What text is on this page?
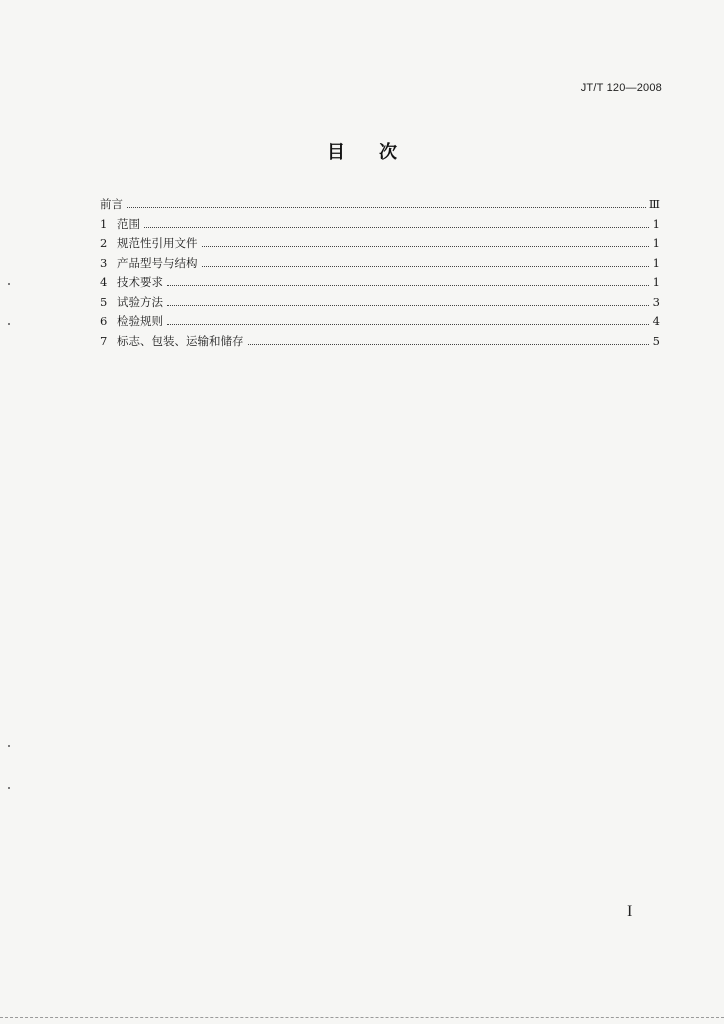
JT/T 120—2008
目次
前言	Ⅲ
1 范围	1
2 规范性引用文件	1
3 产品型号与结构	1
4 技术要求	1
5 试验方法	3
6 检验规则	4
7 标志、包装、运输和储存	5
I
